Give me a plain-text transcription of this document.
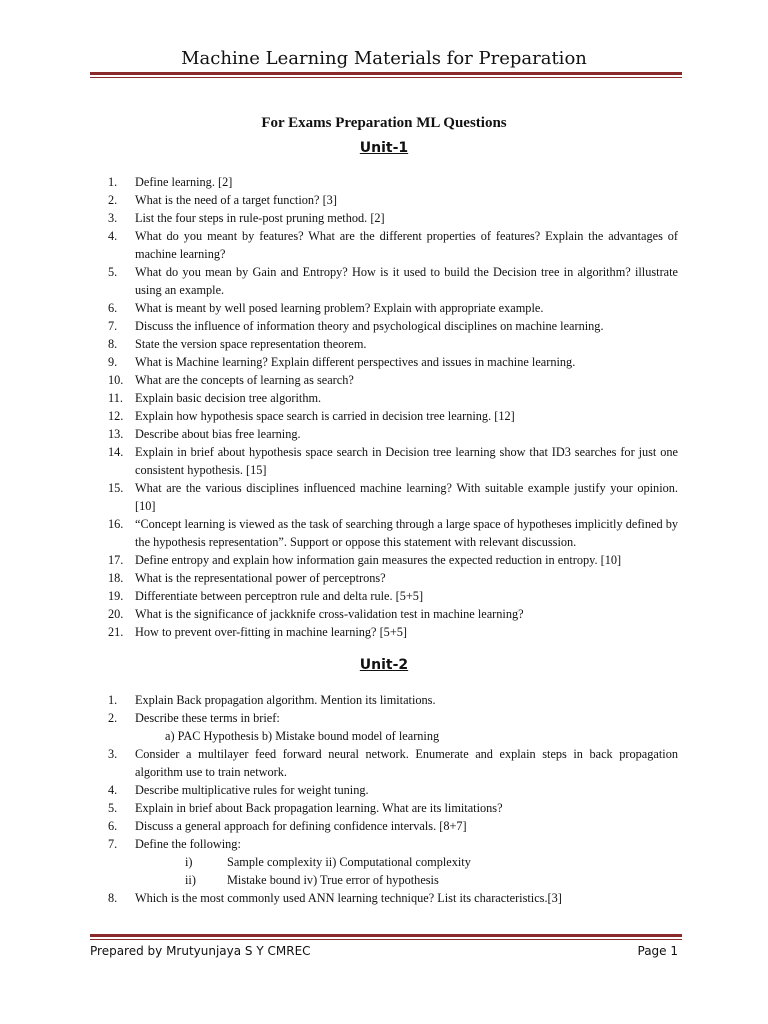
Machine Learning Materials for Preparation
For Exams Preparation ML Questions
Unit-1
1. Define learning. [2]
2. What is the need of a target function? [3]
3. List the four steps in rule-post pruning method. [2]
4. What do you meant by features? What are the different properties of features? Explain the advantages of machine learning?
5. What do you mean by Gain and Entropy? How is it used to build the Decision tree in algorithm? illustrate using an example.
6. What is meant by well posed learning problem? Explain with appropriate example.
7. Discuss the influence of information theory and psychological disciplines on machine learning.
8. State the version space representation theorem.
9. What is Machine learning? Explain different perspectives and issues in machine learning.
10. What are the concepts of learning as search?
11. Explain basic decision tree algorithm.
12. Explain how hypothesis space search is carried in decision tree learning. [12]
13. Describe about bias free learning.
14. Explain in brief about hypothesis space search in Decision tree learning show that ID3 searches for just one consistent hypothesis. [15]
15. What are the various disciplines influenced machine learning? With suitable example justify your opinion. [10]
16. “Concept learning is viewed as the task of searching through a large space of hypotheses implicitly defined by the hypothesis representation”. Support or oppose this statement with relevant discussion.
17. Define entropy and explain how information gain measures the expected reduction in entropy. [10]
18. What is the representational power of perceptrons?
19. Differentiate between perceptron rule and delta rule. [5+5]
20. What is the significance of jackknife cross-validation test in machine learning?
21. How to prevent over-fitting in machine learning? [5+5]
Unit-2
1. Explain Back propagation algorithm. Mention its limitations.
2. Describe these terms in brief:
a) PAC Hypothesis b) Mistake bound model of learning
3. Consider a multilayer feed forward neural network. Enumerate and explain steps in back propagation algorithm use to train network.
4. Describe multiplicative rules for weight tuning.
5. Explain in brief about Back propagation learning. What are its limitations?
6. Discuss a general approach for defining confidence intervals. [8+7]
7. Define the following:
i)	Sample complexity ii) Computational complexity
ii)	Mistake bound iv) True error of hypothesis
8. Which is the most commonly used ANN learning technique? List its characteristics.[3]
Prepared by Mrutyunjaya S Y CMREC	Page 1
